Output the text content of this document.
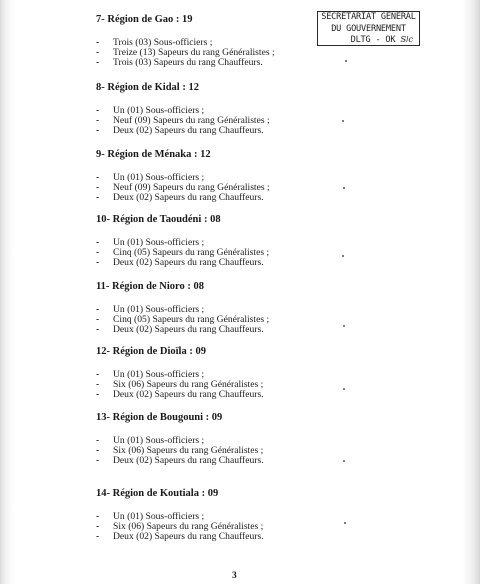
SECRETARIAT GENERAL
DU GOUVERNEMENT
DLTG - OK Sǀc
7- Région de Gao : 19
- Trois (03) Sous-officiers ;
- Treize (13) Sapeurs du rang Généralistes ;
- Trois (03) Sapeurs du rang Chauffeurs.
8- Région de Kidal : 12
- Un (01) Sous-officiers ;
- Neuf (09) Sapeurs du rang Généralistes ;
- Deux (02) Sapeurs du rang Chauffeurs.
9- Région de Ménaka : 12
- Un (01) Sous-officiers ;
- Neuf (09) Sapeurs du rang Généralistes ;
- Deux (02) Sapeurs du rang Chauffeurs.
10- Région de Taoudéni : 08
- Un (01) Sous-officiers ;
- Cinq (05) Sapeurs du rang Généralistes ;
- Deux (02) Sapeurs du rang Chauffeurs.
11- Région de Nioro : 08
- Un (01) Sous-officiers ;
- Cinq (05) Sapeurs du rang Généralistes ;
- Deux (02) Sapeurs du rang Chauffeurs.
12- Région de Dioïla : 09
- Un (01) Sous-officiers ;
- Six (06) Sapeurs du rang Généralistes ;
- Deux (02) Sapeurs du rang Chauffeurs.
13- Région de Bougouni : 09
- Un (01) Sous-officiers ;
- Six (06) Sapeurs du rang Généralistes ;
- Deux (02) Sapeurs du rang Chauffeurs.
14- Région de Koutiala : 09
- Un (01) Sous-officiers ;
- Six (06) Sapeurs du rang Généralistes ;
- Deux (02) Sapeurs du rang Chauffeurs.
3
